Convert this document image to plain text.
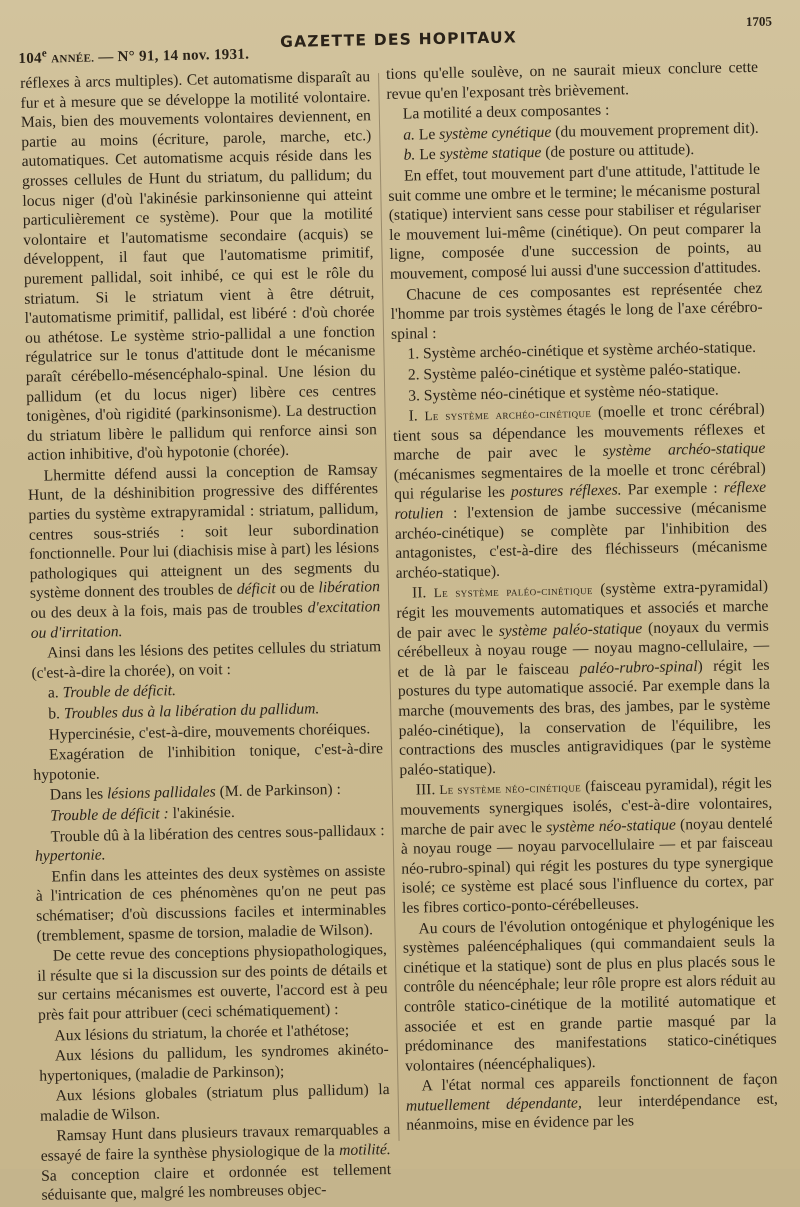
104e ANNÉE. — N° 91, 14 nov. 1931.
GAZETTE DES HOPITAUX
1705

réflexes à arcs multiples). Cet automatisme disparaît au fur et à mesure que se développe la motilité volontaire. Mais, bien des mouvements volontaires deviennent, en partie au moins (écriture, parole, marche, etc.) automatiques. Cet automatisme acquis réside dans les grosses cellules de Hunt du striatum, du pallidum; du locus niger (d'où l'akinésie parkinsonienne qui atteint particulièrement ce système). Pour que la motilité volontaire et l'automatisme secondaire (acquis) se développent, il faut que l'automatisme primitif, purement pallidal, soit inhibé, ce qui est le rôle du striatum. Si le striatum vient à être détruit, l'automatisme primitif, pallidal, est libéré : d'où chorée ou athétose. Le système strio-pallidal a une fonction régulatrice sur le tonus d'attitude dont le mécanisme paraît cérébello-mésencéphalo-spinal. Une lésion du pallidum (et du locus niger) libère ces centres tonigènes, d'où rigidité (parkinsonisme). La destruction du striatum libère le pallidum qui renforce ainsi son action inhibitive, d'où hypotonie (chorée).

Lhermitte défend aussi la conception de Ramsay Hunt, de la déshinibition progressive des différentes parties du système extrapyramidal : striatum, pallidum, centres sous-striés : soit leur subordination fonctionnelle. Pour lui (diachisis mise à part) les lésions pathologiques qui atteignent un des segments du système donnent des troubles de déficit ou de libération ou des deux à la fois, mais pas de troubles d'excitation ou d'irritation.

Ainsi dans les lésions des petites cellules du striatum (c'est-à-dire la chorée), on voit :

a. Trouble de déficit.

b. Troubles dus à la libération du pallidum.

Hypercinésie, c'est-à-dire, mouvements choréiques.

Exagération de l'inhibition tonique, c'est-à-dire hypotonie.

Dans les lésions pallidales (M. de Parkinson) :

Trouble de déficit : l'akinésie.

Trouble dû à la libération des centres sous-pallidaux : hypertonie.

Enfin dans les atteintes des deux systèmes on assiste à l'intrication de ces phénomènes qu'on ne peut pas schématiser; d'où discussions faciles et interminables (tremblement, spasme de torsion, maladie de Wilson).

De cette revue des conceptions physiopathologiques, il résulte que si la discussion sur des points de détails et sur certains mécanismes est ouverte, l'accord est à peu près fait pour attribuer (ceci schématiquement) :

Aux lésions du striatum, la chorée et l'athétose;

Aux lésions du pallidum, les syndromes akinéto-hypertoniques, (maladie de Parkinson);

Aux lésions globales (striatum plus pallidum) la maladie de Wilson.

Ramsay Hunt dans plusieurs travaux remarquables a essayé de faire la synthèse physiologique de la motilité. Sa conception claire et ordonnée est tellement séduisante que, malgré les nombreuses objec-

tions qu'elle soulève, on ne saurait mieux conclure cette revue qu'en l'exposant très brièvement.

La motilité a deux composantes :

a. Le système cynétique (du mouvement proprement dit).

b. Le système statique (de posture ou attitude).

En effet, tout mouvement part d'une attitude, l'attitude le suit comme une ombre et le termine; le mécanisme postural (statique) intervient sans cesse pour stabiliser et régulariser le mouvement lui-même (cinétique). On peut comparer la ligne, composée d'une succession de points, au mouvement, composé lui aussi d'une succession d'attitudes.

Chacune de ces composantes est représentée chez l'homme par trois systèmes étagés le long de l'axe cérébro-spinal :

1. Système archéo-cinétique et système archéo-statique.

2. Système paléo-cinétique et système paléo-statique.

3. Système néo-cinétique et système néo-statique.

I. Le système archéo-cinétique (moelle et tronc cérébral) tient sous sa dépendance les mouvements réflexes et marche de pair avec le système archéo-statique (mécanismes segmentaires de la moelle et tronc cérébral) qui régularise les postures réflexes. Par exemple : réflexe rotulien : l'extension de jambe successive (mécanisme archéo-cinétique) se complète par l'inhibition des antagonistes, c'est-à-dire des fléchisseurs (mécanisme archéo-statique).

II. Le système paléo-cinétique (système extra-pyramidal) régit les mouvements automatiques et associés et marche de pair avec le système paléo-statique (noyaux du vermis cérébelleux à noyau rouge — noyau magno-cellulaire, — et de là par le faisceau paléo-rubro-spinal) régit les postures du type automatique associé. Par exemple dans la marche (mouvements des bras, des jambes, par le système paléo-cinétique), la conservation de l'équilibre, les contractions des muscles antigravidiques (par le système paléo-statique).

III. Le système néo-cinétique (faisceau pyramidal), régit les mouvements synergiques isolés, c'est-à-dire volontaires, marche de pair avec le système néo-statique (noyau dentelé à noyau rouge — noyau parvocellulaire — et par faisceau néo-rubro-spinal) qui régit les postures du type synergique isolé; ce système est placé sous l'influence du cortex, par les fibres cortico-ponto-cérébelleuses.

Au cours de l'évolution ontogénique et phylogénique les systèmes paléencéphaliques (qui commandaient seuls la cinétique et la statique) sont de plus en plus placés sous le contrôle du néencéphale; leur rôle propre est alors réduit au contrôle statico-cinétique de la motilité automatique et associée et est en grande partie masqué par la prédominance des manifestations statico-cinétiques volontaires (néencéphaliques).

A l'état normal ces appareils fonctionnent de façon mutuellement dépendante, leur interdépendance est, néanmoins, mise en évidence par les
